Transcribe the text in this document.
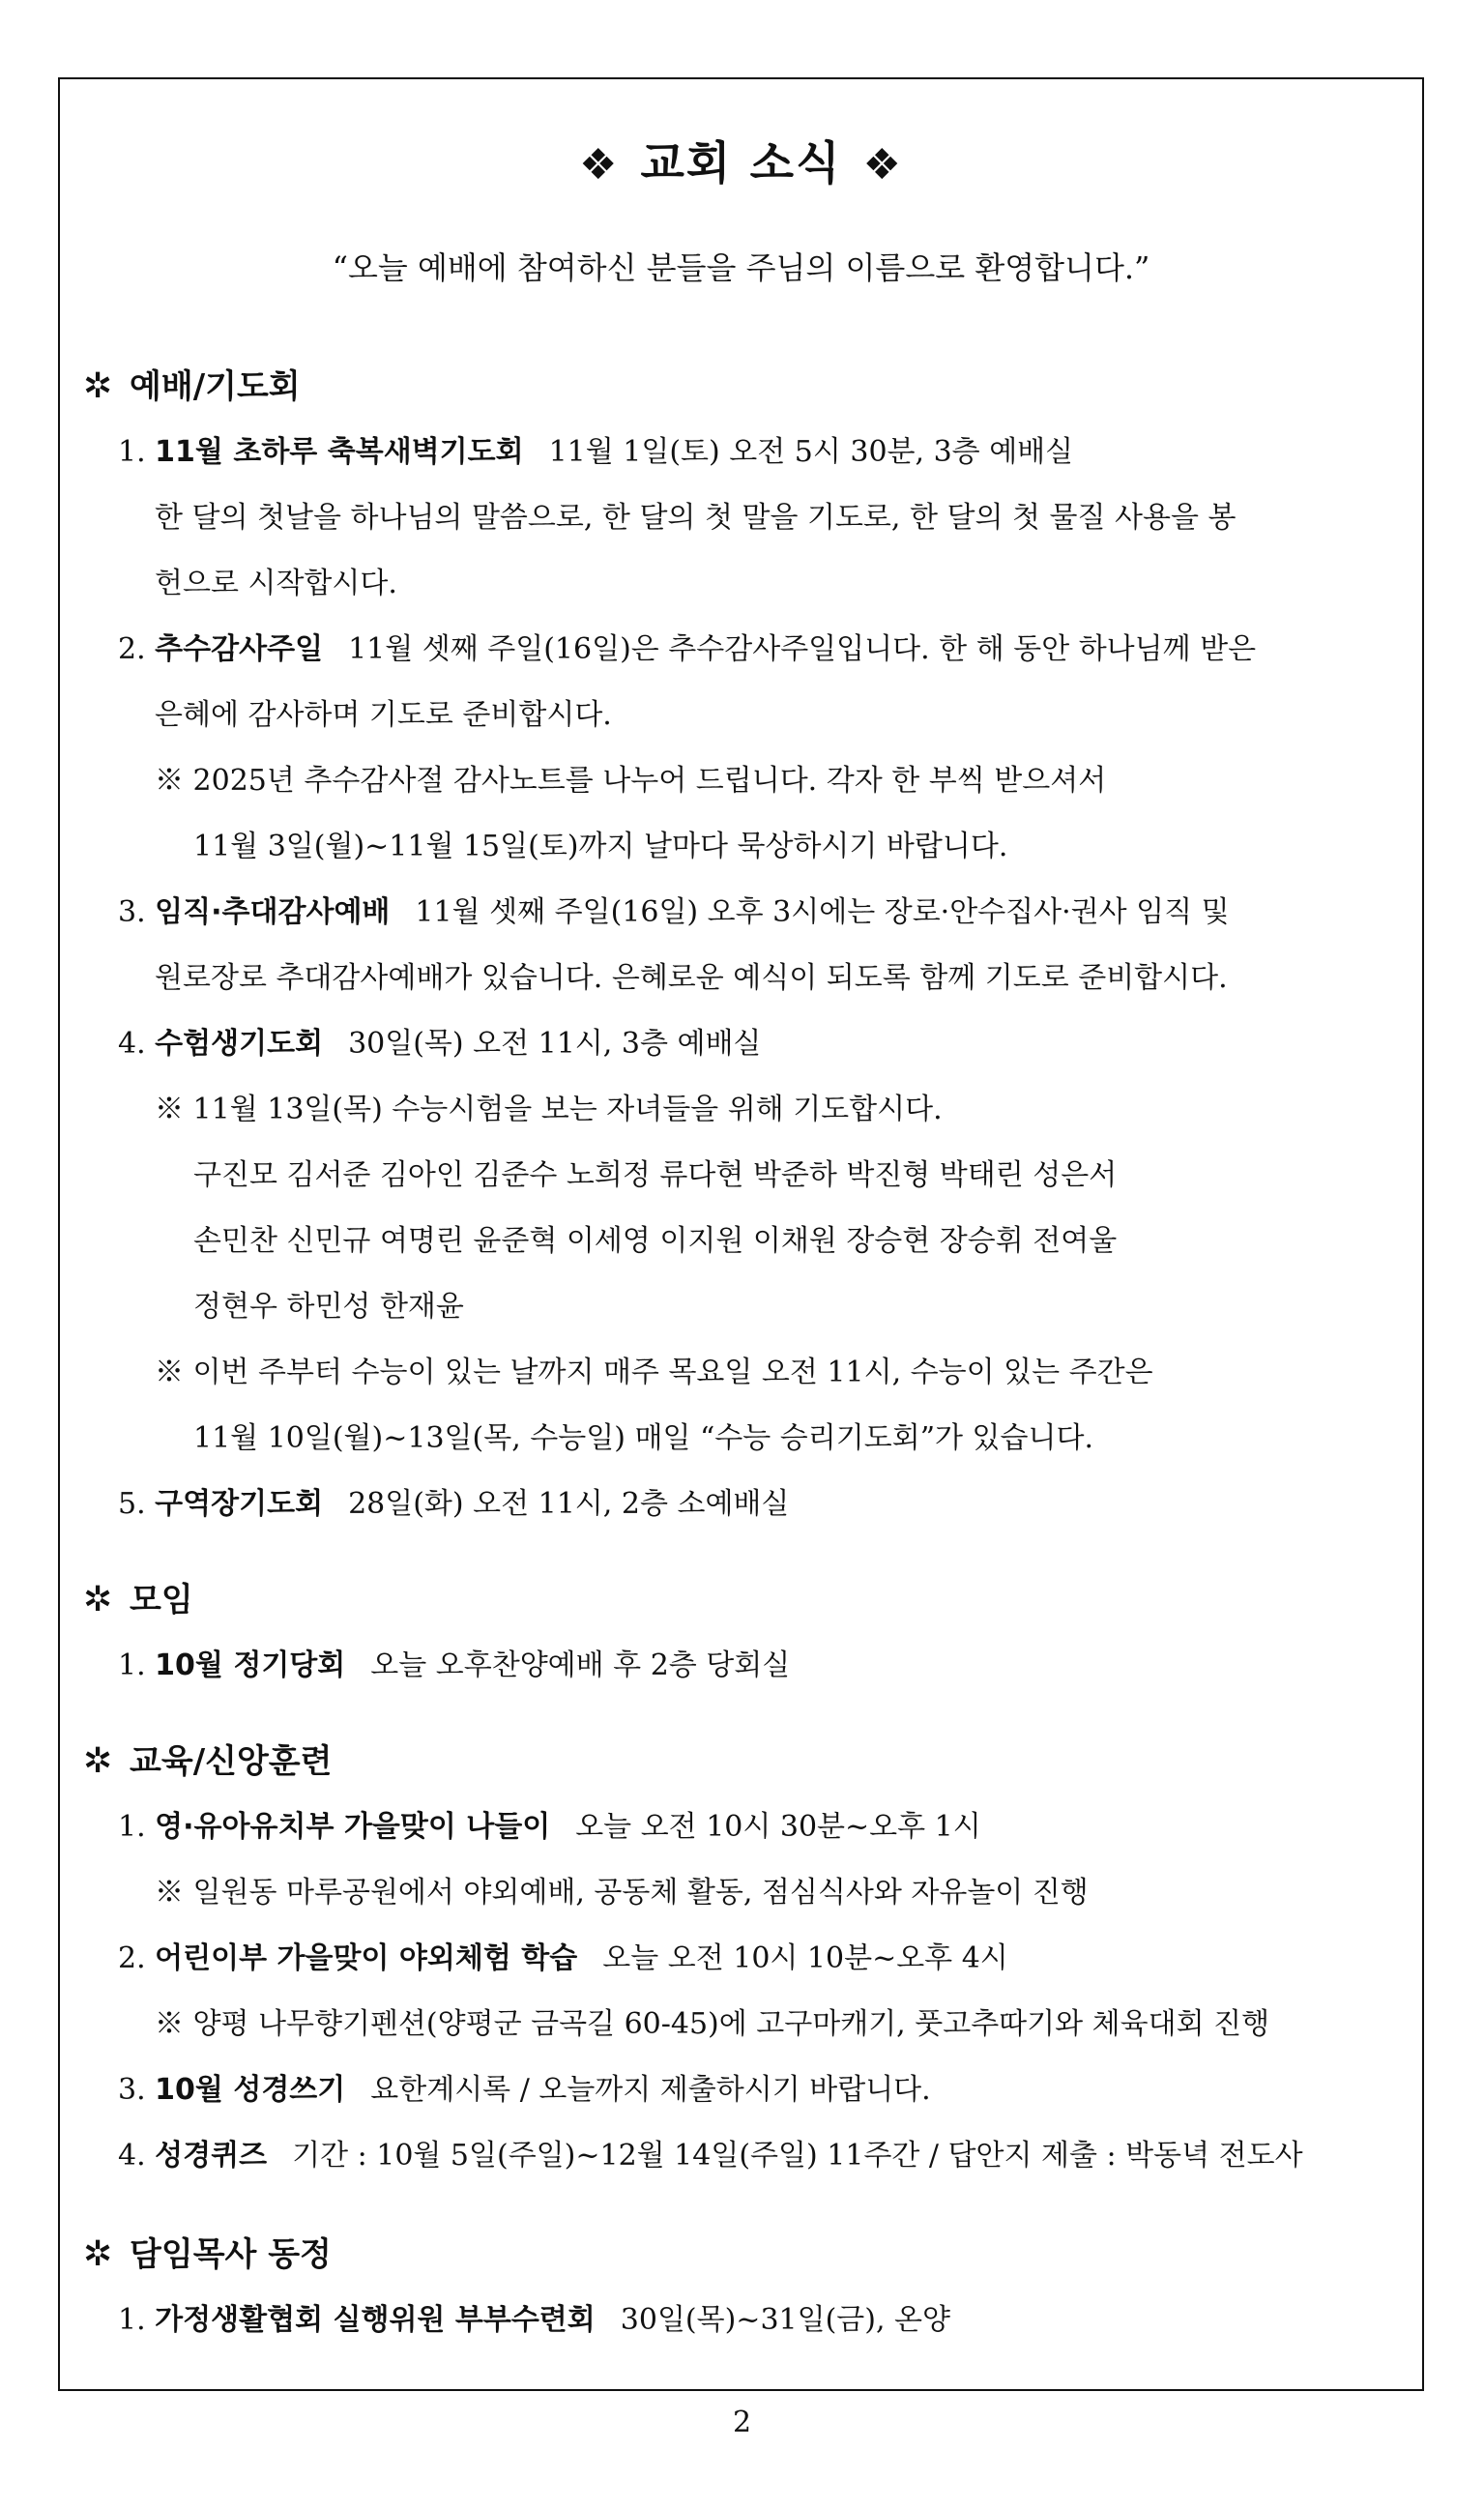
❖ 교회 소식 ❖
“오늘 예배에 참여하신 분들을 주님의 이름으로 환영합니다.”
✲ 예배/기도회
1. 11월 초하루 축복새벽기도회 11월 1일(토) 오전 5시 30분, 3층 예배실
한 달의 첫날을 하나님의 말씀으로, 한 달의 첫 말을 기도로, 한 달의 첫 물질 사용을 봉
헌으로 시작합시다.
2. 추수감사주일 11월 셋째 주일(16일)은 추수감사주일입니다. 한 해 동안 하나님께 받은
은혜에 감사하며 기도로 준비합시다.
※ 2025년 추수감사절 감사노트를 나누어 드립니다. 각자 한 부씩 받으셔서
11월 3일(월)~11월 15일(토)까지 날마다 묵상하시기 바랍니다.
3. 임직·추대감사예배 11월 셋째 주일(16일) 오후 3시에는 장로·안수집사·권사 임직 및
원로장로 추대감사예배가 있습니다. 은혜로운 예식이 되도록 함께 기도로 준비합시다.
4. 수험생기도회 30일(목) 오전 11시, 3층 예배실
※ 11월 13일(목) 수능시험을 보는 자녀들을 위해 기도합시다.
구진모 김서준 김아인 김준수 노희정 류다현 박준하 박진형 박태린 성은서
손민찬 신민규 여명린 윤준혁 이세영 이지원 이채원 장승현 장승휘 전여울
정현우 하민성 한재윤
※ 이번 주부터 수능이 있는 날까지 매주 목요일 오전 11시, 수능이 있는 주간은
11월 10일(월)~13일(목, 수능일) 매일 “수능 승리기도회”가 있습니다.
5. 구역장기도회 28일(화) 오전 11시, 2층 소예배실
✲ 모임
1. 10월 정기당회 오늘 오후찬양예배 후 2층 당회실
✲ 교육/신앙훈련
1. 영·유아유치부 가을맞이 나들이 오늘 오전 10시 30분~오후 1시
※ 일원동 마루공원에서 야외예배, 공동체 활동, 점심식사와 자유놀이 진행
2. 어린이부 가을맞이 야외체험 학습 오늘 오전 10시 10분~오후 4시
※ 양평 나무향기펜션(양평군 금곡길 60-45)에 고구마캐기, 풋고추따기와 체육대회 진행
3. 10월 성경쓰기 요한계시록 / 오늘까지 제출하시기 바랍니다.
4. 성경퀴즈 기간 : 10월 5일(주일)~12월 14일(주일) 11주간 / 답안지 제출 : 박동녁 전도사
✲ 담임목사 동정
1. 가정생활협회 실행위원 부부수련회 30일(목)~31일(금), 온양
2
